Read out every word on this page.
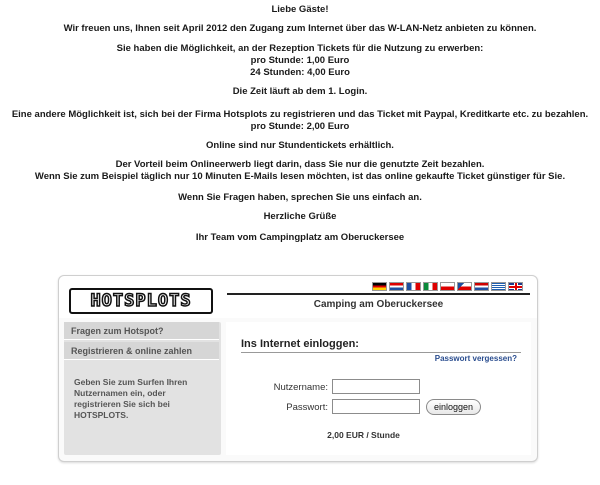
Liebe Gäste!

Wir freuen uns, Ihnen seit April 2012 den Zugang zum Internet über das W-LAN-Netz anbieten zu können.

Sie haben die Möglichkeit, an der Rezeption Tickets für die Nutzung zu erwerben:

pro Stunde: 1,00 Euro

24 Stunden: 4,00 Euro

Die Zeit läuft ab dem 1. Login.

Eine andere Möglichkeit ist, sich bei der Firma Hotsplots zu registrieren und das Ticket mit Paypal, Kreditkarte etc. zu bezahlen.

pro Stunde: 2,00 Euro

Online sind nur Stundentickets erhältlich.

Der Vorteil beim Onlineerwerb liegt darin, dass Sie nur die genutzte Zeit bezahlen.

Wenn Sie zum Beispiel täglich nur 10 Minuten E-Mails lesen möchten, ist das online gekaufte Ticket günstiger für Sie.

Wenn Sie Fragen haben, sprechen Sie uns einfach an.

Herzliche Grüße

Ihr Team vom Campingplatz am Oberuckersee

HOTSPLOTS	Camping am Oberuckersee
Fragen zum Hotspot?
Registrieren & online zahlen
Geben Sie zum Surfen Ihren Nutzernamen ein, oder registrieren Sie sich bei HOTSPLOTS.
Ins Internet einloggen:
Passwort vergessen?
Nutzername:
Passwort:	einloggen
2,00 EUR / Stunde
